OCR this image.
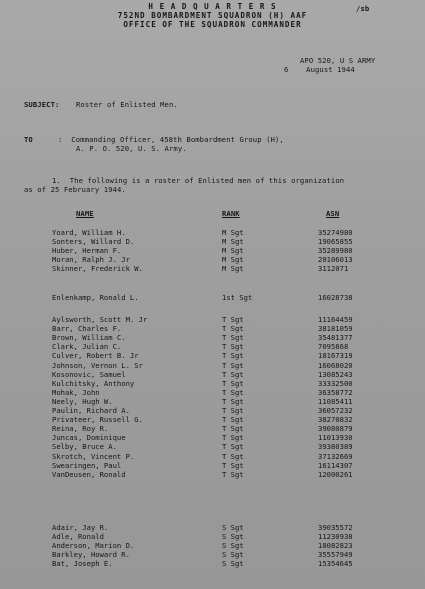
H E A D Q U A R T E R S	/sb
752ND BOMBARDMENT SQUADRON (H) AAF
OFFICE OF THE SQUADRON COMMANDER
APO 520, U S ARMY
6    August 1944
SUBJECT: Roster of Enlisted Men.
TO	:  Commanding Officer, 458th Bombardment Group (H),
A. P. O. 520, U. S. Army.
1.  The following is a roster of Enlisted men of this organization
as of 25 February 1944.
NAME	RANK	ASN
Yoard, William H.	M Sgt	35274980
Sonters, Willard D.	M Sgt	19065855
Huber, Herman F.	M Sgt	35289980
Moran, Ralph J. Jr	M Sgt	20106013
Skinner, Frederick W.	M Sgt	3112071
Enlenkamp, Ronald L.	1st Sgt	16028738
Aylsworth, Scott M. Jr	T Sgt	11164459
Barr, Charles F.	T Sgt	38181059
Brown, William C.	T Sgt	35481377
Clark, Julian C.	T Sgt	7095868
Culver, Robert B. Jr	T Sgt	18167319
Johnson, Vernon L. Sr	T Sgt	16068020
Kosonovic, Samuel	T Sgt	13085243
Kulchitsky, Anthony	T Sgt	33332500
Mohak, John	T Sgt	36358772
Neely, Hugh W.	T Sgt	11085411
Paulin, Richard A.	T Sgt	36057232
Privateer, Russell G.	T Sgt	38270832
Reina, Roy R.	T Sgt	39080879
Juncas, Dominique	T Sgt	11013930
Selby, Bruce A.	T Sgt	39380389
Skrotch, Vincent P.	T Sgt	37132669
Swearingen, Paul	T Sgt	16114307
VanDeusen, Ronald	T Sgt	12000261
Adair, Jay R.	S Sgt	39035572
Adle, Ronald	S Sgt	11230938
Anderson, Marion D.	S Sgt	18082823
Barkley, Howard R.	S Sgt	35557949
Bat, Joseph E.	S Sgt	15354645
